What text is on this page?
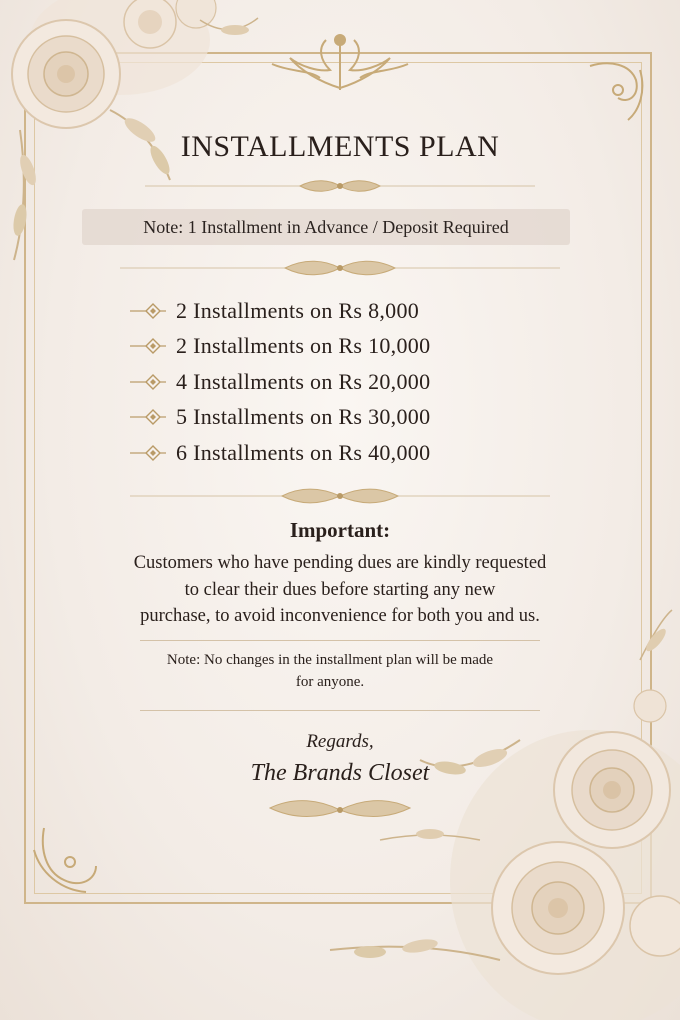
INSTALLMENTS PLAN
Note: 1 Installment in Advance / Deposit Required
2 Installments on Rs 8,000
2 Installments on Rs 10,000
4 Installments on Rs 20,000
5 Installments on Rs 30,000
6 Installments on Rs 40,000
Important:
Customers who have pending dues are kindly requested
to clear their dues before starting any new
purchase, to avoid inconvenience for both you and us.
Note: No changes in the installment plan will be made
for anyone.
Regards,
The Brands Closet
